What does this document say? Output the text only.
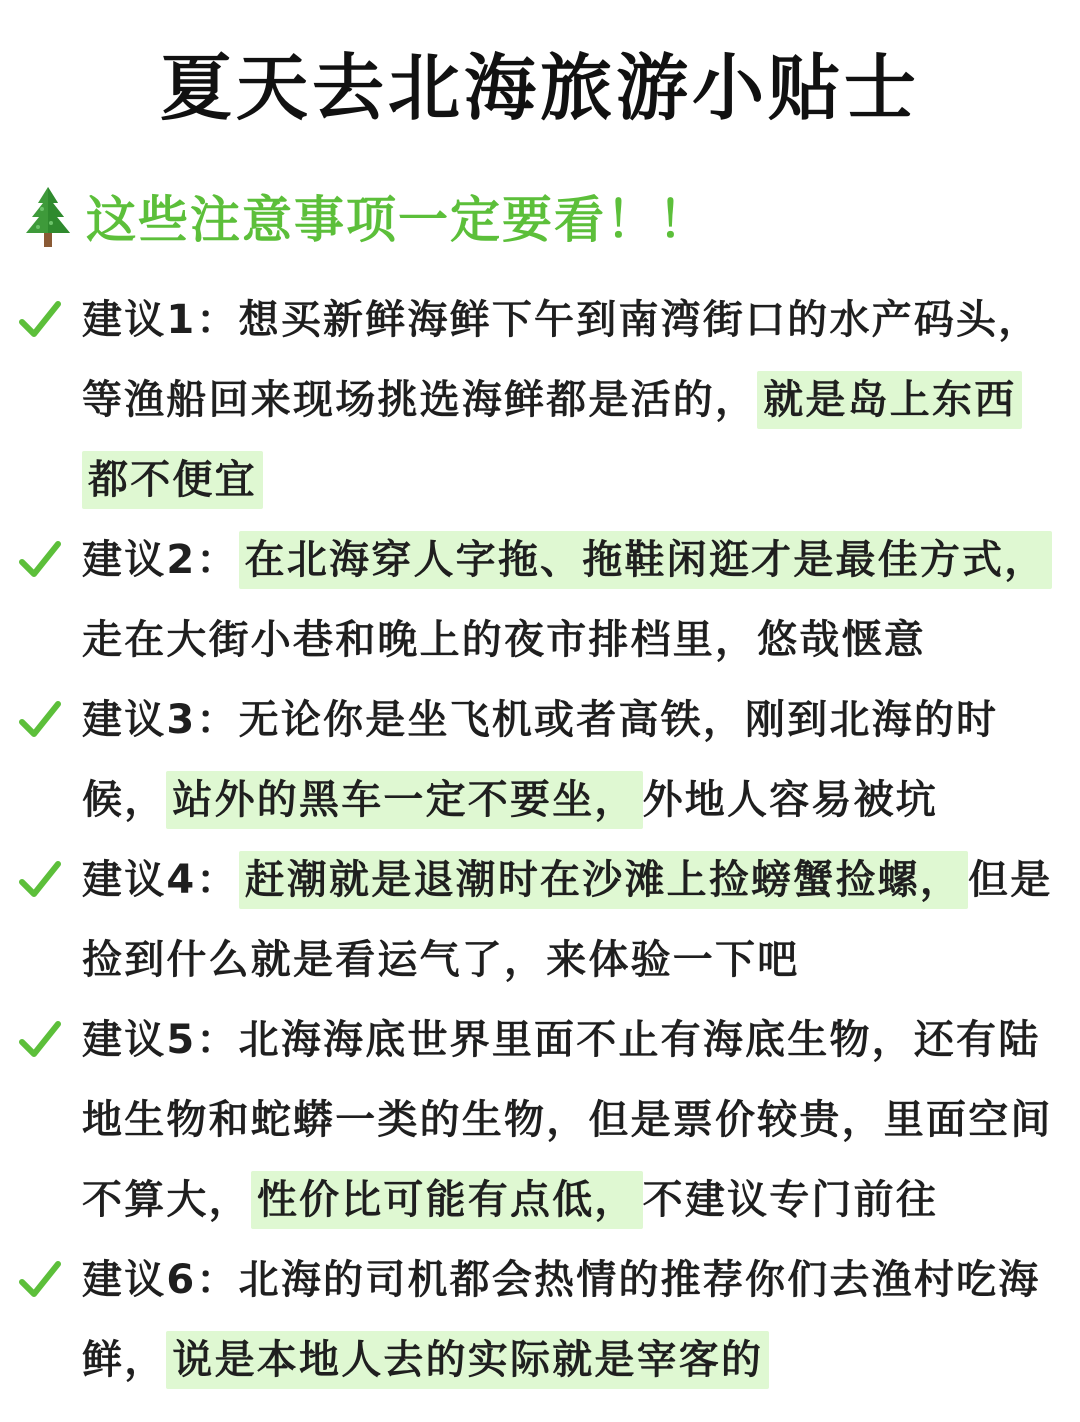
夏天去北海旅游小贴士
这些注意事项一定要看！！
建议1：想买新鲜海鲜下午到南湾街口的水产码头，等渔船回来现场挑选海鲜都是活的， 就是岛上东西都不便宜
建议2： 在北海穿人字拖、拖鞋闲逛才是最佳方式，走在大街小巷和晚上的夜市排档里，悠哉惬意
建议3：无论你是坐飞机或者高铁，刚到北海的时候， 站外的黑车一定不要坐， 外地人容易被坑
建议4： 赶潮就是退潮时在沙滩上捡螃蟹捡螺， 但是捡到什么就是看运气了，来体验一下吧
建议5：北海海底世界里面不止有海底生物，还有陆地生物和蛇蟒一类的生物，但是票价较贵，里面空间不算大， 性价比可能有点低， 不建议专门前往
建议6：北海的司机都会热情的推荐你们去渔村吃海鲜， 说是本地人去的实际就是宰客的
